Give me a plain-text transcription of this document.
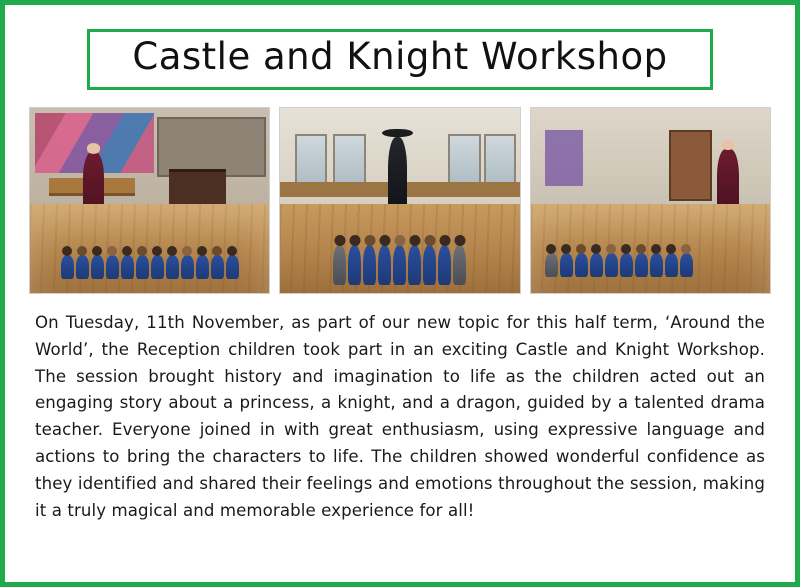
Castle and Knight Workshop
On Tuesday, 11th November, as part of our new topic for this half term, ‘Around the World’, the Reception children took part in an exciting Castle and Knight Workshop. The session brought history and imagination to life as the children acted out an engaging story about a princess, a knight, and a dragon, guided by a talented drama teacher. Everyone joined in with great enthusiasm, using expressive language and actions to bring the characters to life. The children showed wonderful confidence as they identified and shared their feelings and emotions throughout the session, making it a truly magical and memorable experience for all!
